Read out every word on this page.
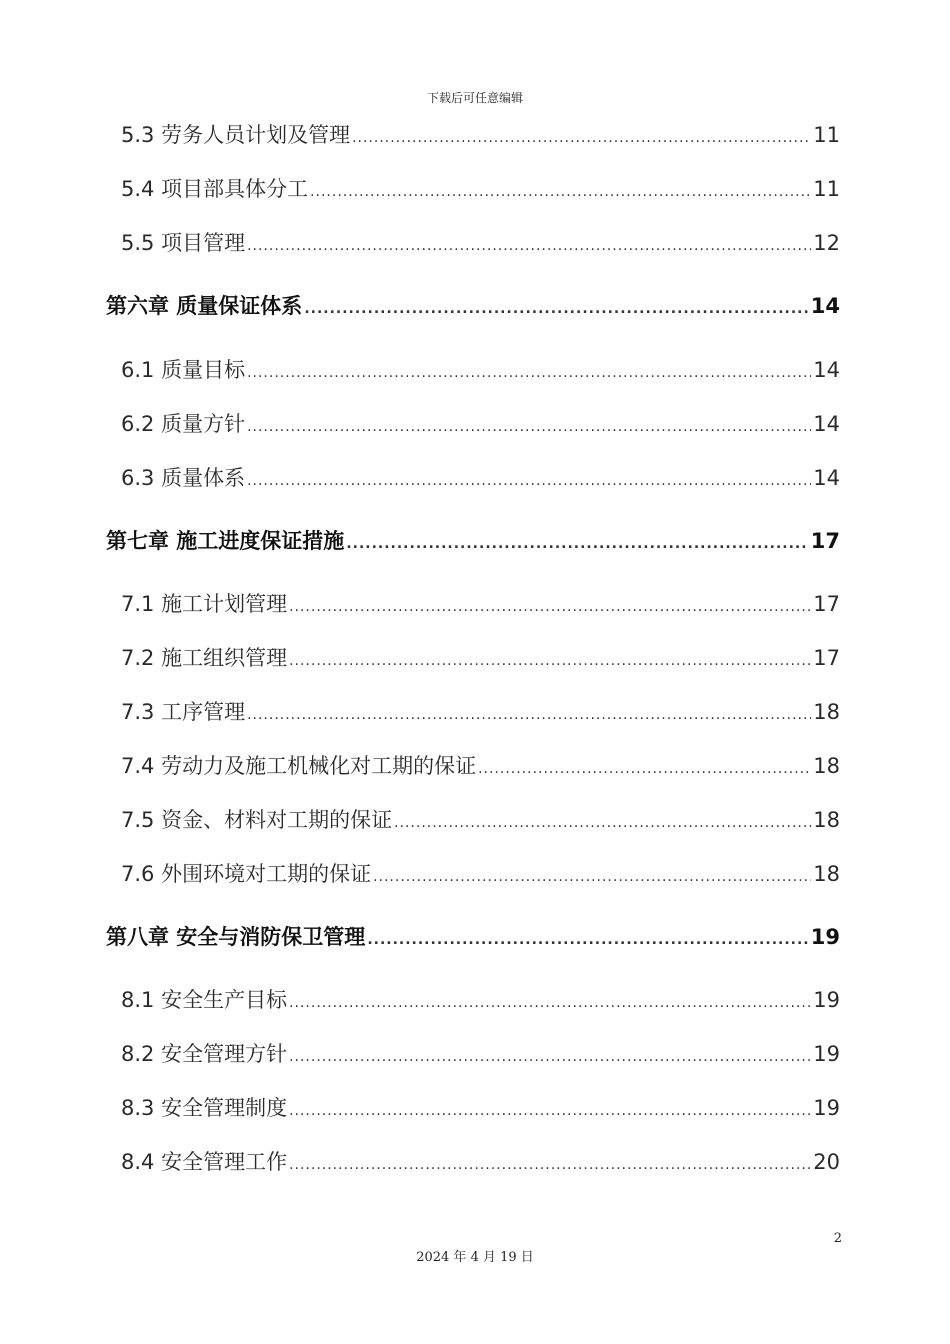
下载后可任意编辑
5.3 劳务人员计划及管理 .....	11
5.4 项目部具体分工 .....	11
5.5 项目管理 .....	12
第六章 质量保证体系 .....	14
6.1 质量目标 .....	14
6.2 质量方针 .....	14
6.3 质量体系 .....	14
第七章 施工进度保证措施 .....	17
7.1 施工计划管理 .....	17
7.2 施工组织管理 .....	17
7.3 工序管理 .....	18
7.4 劳动力及施工机械化对工期的保证 .....	18
7.5 资金、材料对工期的保证 .....	18
7.6 外围环境对工期的保证 .....	18
第八章 安全与消防保卫管理 .....	19
8.1 安全生产目标 .....	19
8.2 安全管理方针 .....	19
8.3 安全管理制度 .....	19
8.4 安全管理工作 .....	20
2
2024 年 4 月 19 日
